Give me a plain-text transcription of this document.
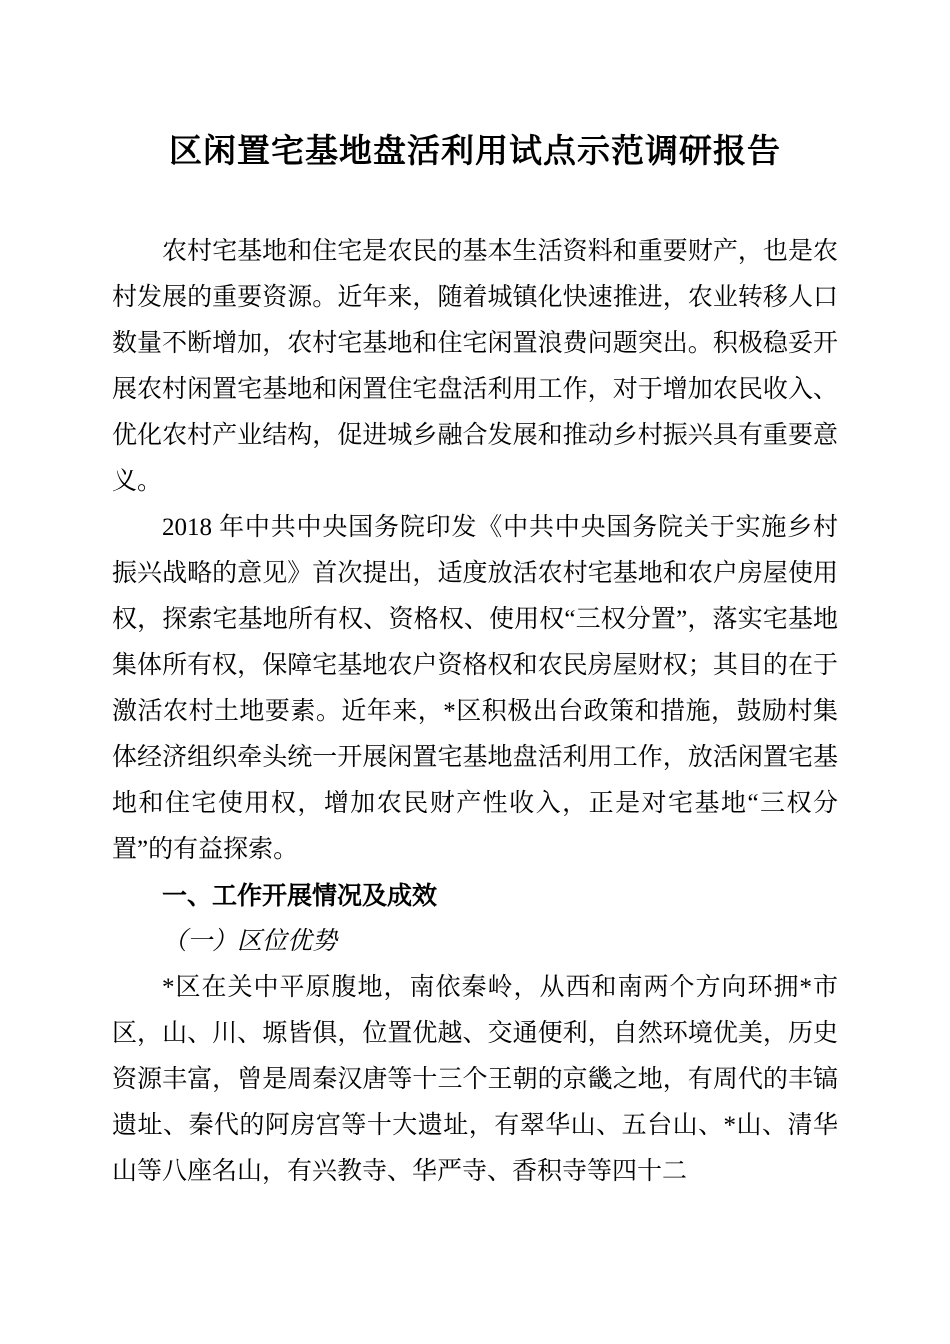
区闲置宅基地盘活利用试点示范调研报告

农村宅基地和住宅是农民的基本生活资料和重要财产，也是农村发展的重要资源。近年来，随着城镇化快速推进，农业转移人口数量不断增加，农村宅基地和住宅闲置浪费问题突出。积极稳妥开展农村闲置宅基地和闲置住宅盘活利用工作，对于增加农民收入、优化农村产业结构，促进城乡融合发展和推动乡村振兴具有重要意义。

2018 年中共中央国务院印发《中共中央国务院关于实施乡村振兴战略的意见》首次提出，适度放活农村宅基地和农户房屋使用权，探索宅基地所有权、资格权、使用权“三权分置”，落实宅基地集体所有权，保障宅基地农户资格权和农民房屋财权；其目的在于激活农村土地要素。近年来，*区积极出台政策和措施，鼓励村集体经济组织牵头统一开展闲置宅基地盘活利用工作，放活闲置宅基地和住宅使用权，增加农民财产性收入，正是对宅基地“三权分置”的有益探索。

一、工作开展情况及成效
（一）区位优势

*区在关中平原腹地，南依秦岭，从西和南两个方向环拥*市区，山、川、塬皆俱，位置优越、交通便利，自然环境优美，历史资源丰富，曾是周秦汉唐等十三个王朝的京畿之地，有周代的丰镐遗址、秦代的阿房宫等十大遗址，有翠华山、五台山、*山、清华山等八座名山，有兴教寺、华严寺、香积寺等四十二
